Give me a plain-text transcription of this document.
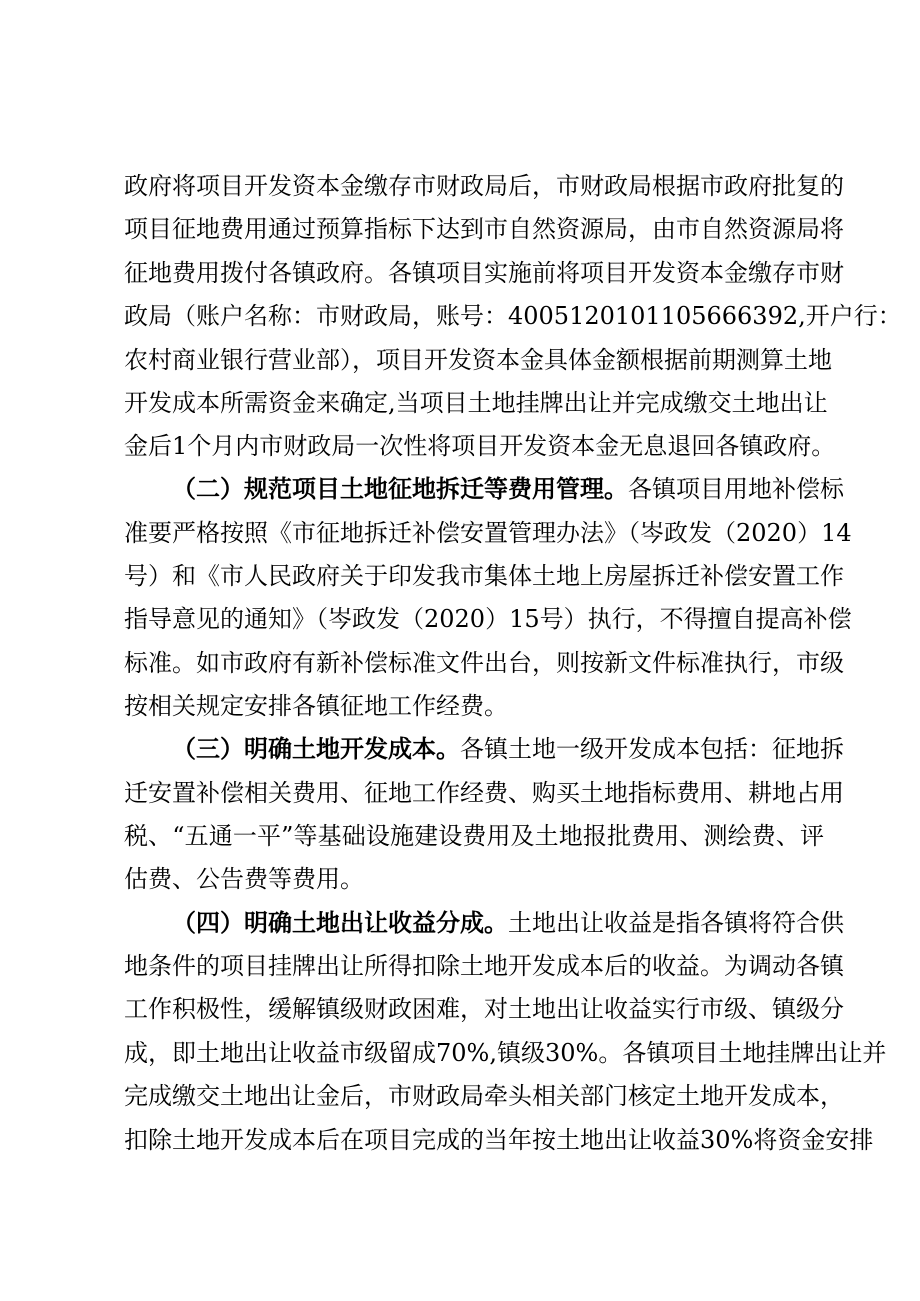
政府将项目开发资本金缴存市财政局后，市财政局根据市政府批复的
项目征地费用通过预算指标下达到市自然资源局，由市自然资源局将
征地费用拨付各镇政府。各镇项目实施前将项目开发资本金缴存市财
政局（账户名称：市财政局，账号：400512010110566639​2,开户行：
农村商业银行营业部），项目开发资本金具体金额根据前期测算土地
开发成本所需资金来确定,当项目土地挂牌出让并完成缴交土地出让
金后1个月内市财政局一次性将项目开发资本金无息退回各镇政府。
（二）规范项目土地征地拆迁等费用管理。各镇项目用地补偿标
准要严格按照《市征地拆迁补偿安置管理办法》（岑政发（2020）14
号）和《市人民政府关于印发我市集体土地上房屋拆迁补偿安置工作
指导意见的通知》（岑政发（2020）15号）执行，不得擅自提高补偿
标准。如市政府有新补偿标准文件出台，则按新文件标准执行，市级
按相关规定安排各镇征地工作经费。
（三）明确土地开发成本。各镇土地一级开发成本包括：征地拆
迁安置补偿相关费用、征地工作经费、购买土地指标费用、耕地占用
税、“五通一平”等基础设施建设费用及土地报批费用、测绘费、评
估费、公告费等费用。
（四）明确土地出让收益分成。土地出让收益是指各镇将符合供
地条件的项目挂牌出让所得扣除土地开发成本后的收益。为调动各镇
工作积极性，缓解镇级财政困难，对土地出让收益实行市级、镇级分
成，即土地出让收益市级留成70%,镇级30%。各镇项目土地挂牌出让并
完成缴交土地出让金后，市财政局牵头相关部门核定土地开发成本，
扣除土地开发成本后在项目完成的当年按土地出让收益30%将资金安排
